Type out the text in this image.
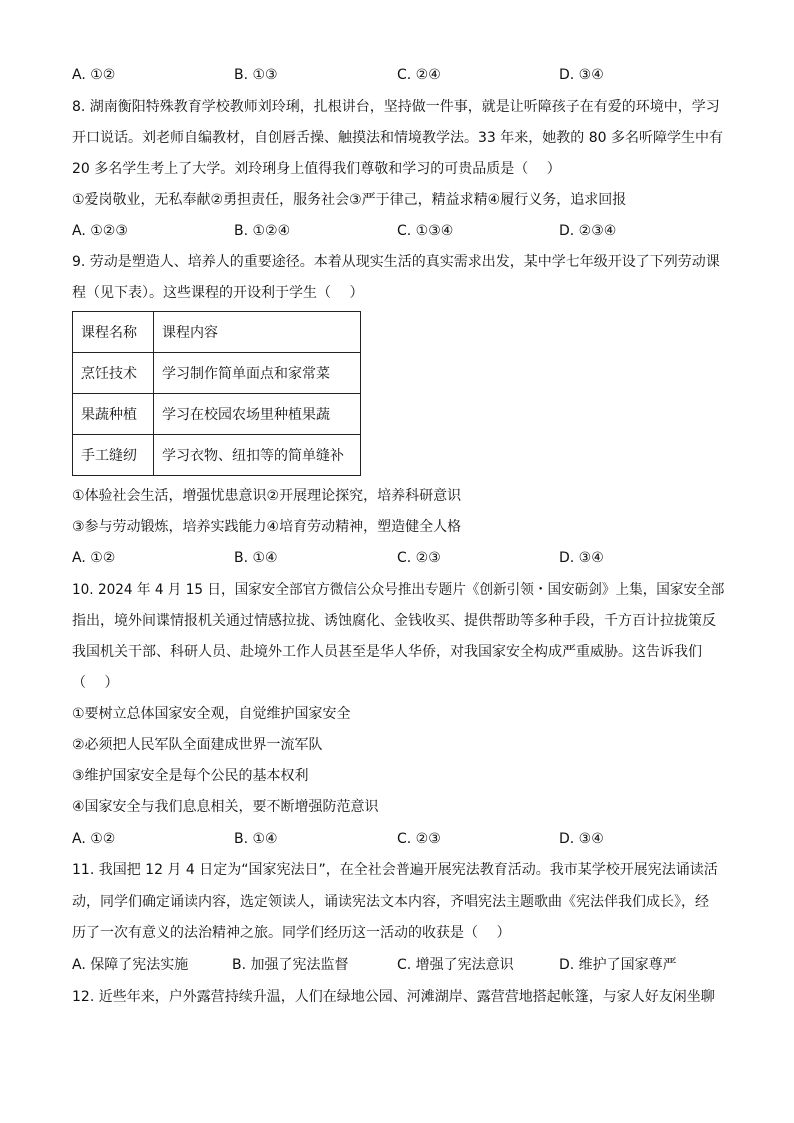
A. ①②	B. ①③	C. ②④	D. ③④
8. 湖南衡阳特殊教育学校教师刘玲琍，扎根讲台，坚持做一件事，就是让听障孩子在有爱的环境中，学习
开口说话。刘老师自编教材，自创唇舌操、触摸法和情境教学法。33 年来，她教的 80 多名听障学生中有
20 多名学生考上了大学。刘玲琍身上值得我们尊敬和学习的可贵品质是（　 ）
①爱岗敬业，无私奉献②勇担责任，服务社会③严于律己，精益求精④履行义务，追求回报
A. ①②③	B. ①②④	C. ①③④	D. ②③④
9. 劳动是塑造人、培养人的重要途径。本着从现实生活的真实需求出发，某中学七年级开设了下列劳动课
程（见下表）。这些课程的开设利于学生（　 ）
课程名称	课程内容
烹饪技术	学习制作简单面点和家常菜
果蔬种植	学习在校园农场里种植果蔬
手工缝纫	学习衣物、纽扣等的简单缝补
①体验社会生活，增强忧患意识②开展理论探究，培养科研意识
③参与劳动锻炼，培养实践能力④培育劳动精神，塑造健全人格
A. ①②	B. ①④	C. ②③	D. ③④
10. 2024 年 4 月 15 日，国家安全部官方微信公众号推出专题片《创新引领・国安砺剑》上集，国家安全部
指出，境外间谍情报机关通过情感拉拢、诱蚀腐化、金钱收买、提供帮助等多种手段，千方百计拉拢策反
我国机关干部、科研人员、赴境外工作人员甚至是华人华侨，对我国家安全构成严重威胁。这告诉我们
（　 ）
①要树立总体国家安全观，自觉维护国家安全
②必须把人民军队全面建成世界一流军队
③维护国家安全是每个公民的基本权利
④国家安全与我们息息相关，要不断增强防范意识
A. ①②	B. ①④	C. ②③	D. ③④
11. 我国把 12 月 4 日定为“国家宪法日”，在全社会普遍开展宪法教育活动。我市某学校开展宪法诵读活
动，同学们确定诵读内容，选定领读人，诵读宪法文本内容，齐唱宪法主题歌曲《宪法伴我们成长》，经
历了一次有意义的法治精神之旅。同学们经历这一活动的收获是（　 ）
A. 保障了宪法实施	B. 加强了宪法监督	C. 增强了宪法意识	D. 维护了国家尊严
12. 近些年来，户外露营持续升温，人们在绿地公园、河滩湖岸、露营营地搭起帐篷，与家人好友闲坐聊
